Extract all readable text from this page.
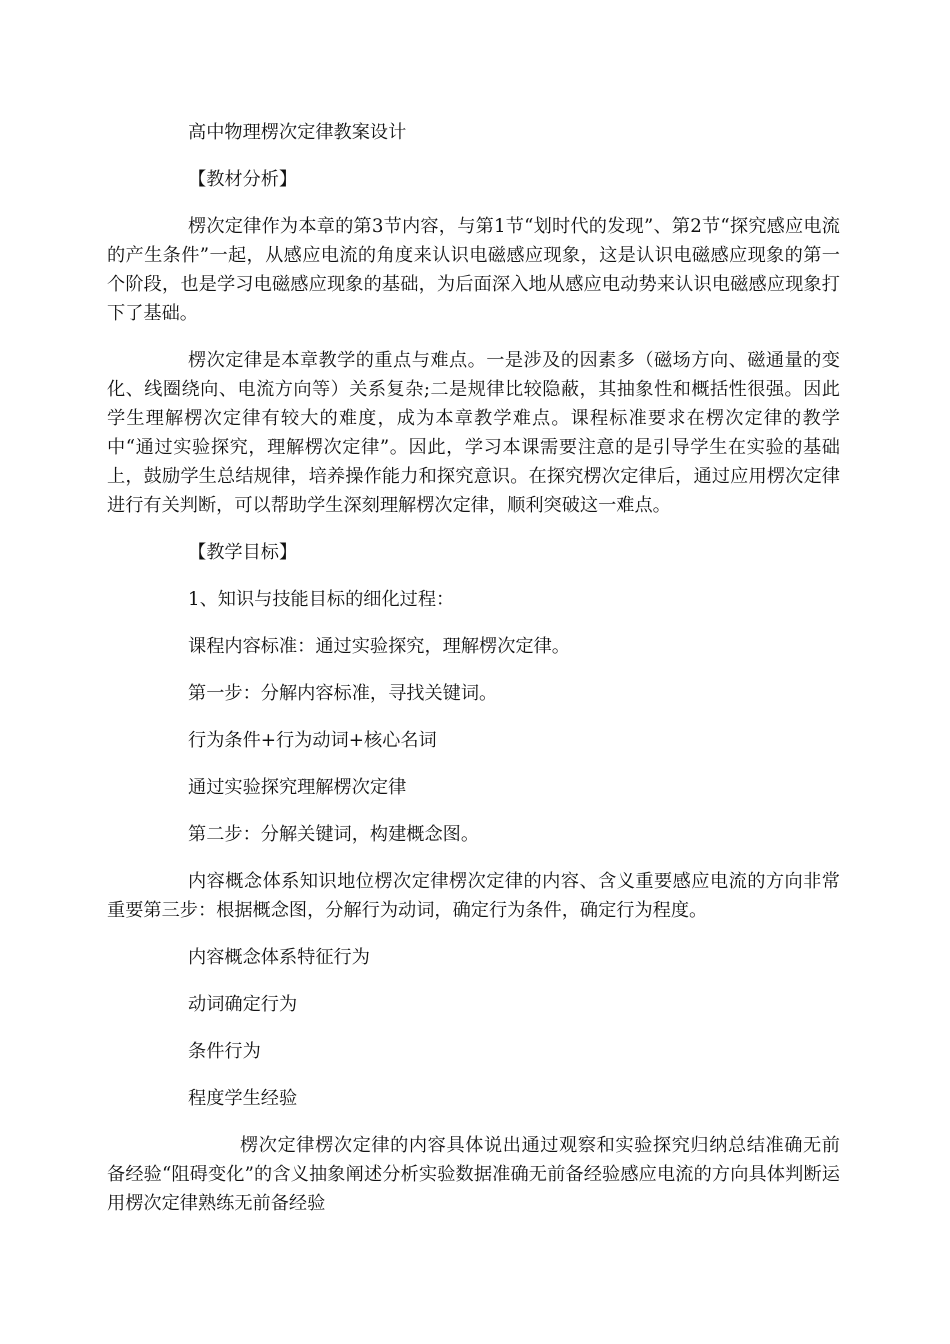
高中物理楞次定律教案设计

【教材分析】

楞次定律作为本章的第3节内容，与第1节“划时代的发现”、第2节“探究感应电流的产生条件”一起，从感应电流的角度来认识电磁感应现象，这是认识电磁感应现象的第一个阶段，也是学习电磁感应现象的基础，为后面深入地从感应电动势来认识电磁感应现象打下了基础。

楞次定律是本章教学的重点与难点。一是涉及的因素多（磁场方向、磁通量的变化、线圈绕向、电流方向等）关系复杂;二是规律比较隐蔽，其抽象性和概括性很强。因此学生理解楞次定律有较大的难度，成为本章教学难点。课程标准要求在楞次定律的教学中“通过实验探究，理解楞次定律”。因此，学习本课需要注意的是引导学生在实验的基础上，鼓励学生总结规律，培养操作能力和探究意识。在探究楞次定律后，通过应用楞次定律进行有关判断，可以帮助学生深刻理解楞次定律，顺利突破这一难点。

【教学目标】

1、知识与技能目标的细化过程：

课程内容标准：通过实验探究，理解楞次定律。

第一步：分解内容标准，寻找关键词。

行为条件+行为动词+核心名词

通过实验探究理解楞次定律

第二步：分解关键词，构建概念图。

内容概念体系知识地位楞次定律楞次定律的内容、含义重要感应电流的方向非常重要第三步：根据概念图，分解行为动词，确定行为条件，确定行为程度。

内容概念体系特征行为

动词确定行为

条件行为

程度学生经验

楞次定律楞次定律的内容具体说出通过观察和实验探究归纳总结准确无前备经验“阻碍变化”的含义抽象阐述分析实验数据准确无前备经验感应电流的方向具体判断运用楞次定律熟练无前备经验
